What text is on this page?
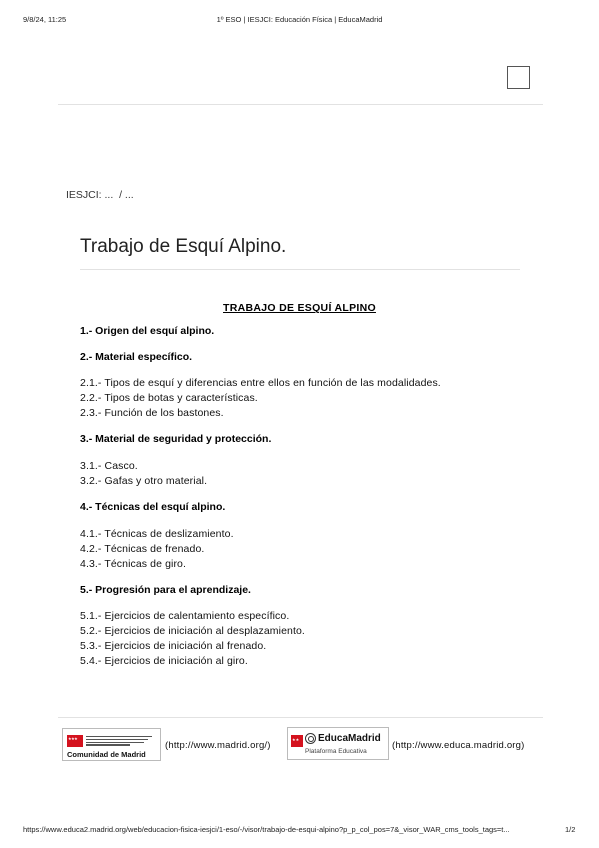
9/8/24, 11:25	1º ESO | IESJCI: Educación Física | EducaMadrid
IESJCI: ...  / ...
Trabajo de Esquí Alpino.
TRABAJO DE ESQUÍ ALPINO
1.- Origen del esquí alpino.
2.- Material específico.
2.1.- Tipos de esquí y diferencias entre ellos en función de las modalidades.
2.2.- Tipos de botas y características.
2.3.- Función de los bastones.
3.- Material de seguridad y protección.
3.1.- Casco.
3.2.- Gafas y otro material.
4.- Técnicas del esquí alpino.
4.1.- Técnicas de deslizamiento.
4.2.- Técnicas de frenado.
4.3.- Técnicas de giro.
5.- Progresión para el aprendizaje.
5.1.- Ejercicios de calentamiento específico.
5.2.- Ejercicios de iniciación al desplazamiento.
5.3.- Ejercicios de iniciación al frenado.
5.4.- Ejercicios de iniciación al giro.
★★★
Comunidad de Madrid
(http://www.madrid.org/)
★★
EducaMadrid
Plataforma Educativa
(http://www.educa.madrid.org)
https://www.educa2.madrid.org/web/educacion-fisica-iesjci/1-eso/-/visor/trabajo-de-esqui-alpino?p_p_col_pos=7&_visor_WAR_cms_tools_tags=t...	1/2
